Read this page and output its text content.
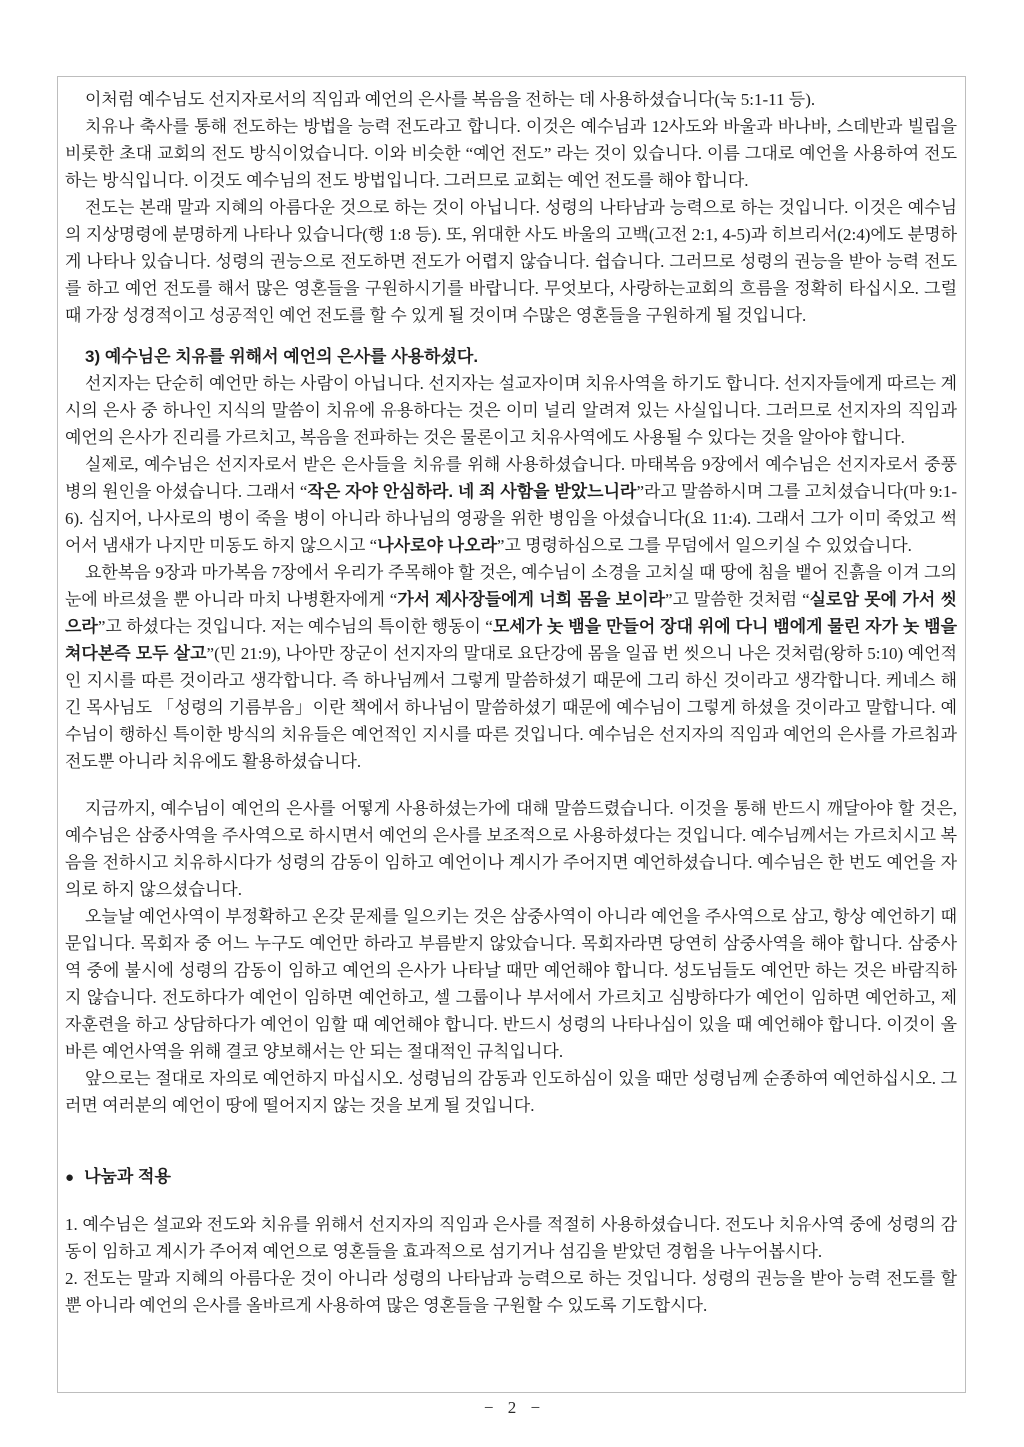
이처럼 예수님도 선지자로서의 직임과 예언의 은사를 복음을 전하는 데 사용하셨습니다(눅 5:1-11 등).

치유나 축사를 통해 전도하는 방법을 능력 전도라고 합니다. 이것은 예수님과 12사도와 바울과 바나바, 스데반과 빌립을 비롯한 초대 교회의 전도 방식이었습니다. 이와 비슷한 “예언 전도” 라는 것이 있습니다. 이름 그대로 예언을 사용하여 전도하는 방식입니다. 이것도 예수님의 전도 방법입니다. 그러므로 교회는 예언 전도를 해야 합니다.

전도는 본래 말과 지혜의 아름다운 것으로 하는 것이 아닙니다. 성령의 나타남과 능력으로 하는 것입니다. 이것은 예수님의 지상명령에 분명하게 나타나 있습니다(행 1:8 등). 또, 위대한 사도 바울의 고백(고전 2:1, 4-5)과 히브리서(2:4)에도 분명하게 나타나 있습니다. 성령의 권능으로 전도하면 전도가 어렵지 않습니다. 쉽습니다. 그러므로 성령의 권능을 받아 능력 전도를 하고 예언 전도를 해서 많은 영혼들을 구원하시기를 바랍니다. 무엇보다, 사랑하는교회의 흐름을 정확히 타십시오. 그럴 때 가장 성경적이고 성공적인 예언 전도를 할 수 있게 될 것이며 수많은 영혼들을 구원하게 될 것입니다.

3) 예수님은 치유를 위해서 예언의 은사를 사용하셨다.

선지자는 단순히 예언만 하는 사람이 아닙니다. 선지자는 설교자이며 치유사역을 하기도 합니다. 선지자들에게 따르는 계시의 은사 중 하나인 지식의 말씀이 치유에 유용하다는 것은 이미 널리 알려져 있는 사실입니다. 그러므로 선지자의 직임과 예언의 은사가 진리를 가르치고, 복음을 전파하는 것은 물론이고 치유사역에도 사용될 수 있다는 것을 알아야 합니다.

실제로, 예수님은 선지자로서 받은 은사들을 치유를 위해 사용하셨습니다. 마태복음 9장에서 예수님은 선지자로서 중풍병의 원인을 아셨습니다. 그래서 “작은 자야 안심하라. 네 죄 사함을 받았느니라”라고 말씀하시며 그를 고치셨습니다(마 9:1-6). 심지어, 나사로의 병이 죽을 병이 아니라 하나님의 영광을 위한 병임을 아셨습니다(요 11:4). 그래서 그가 이미 죽었고 썩어서 냄새가 나지만 미동도 하지 않으시고 “나사로야 나오라”고 명령하심으로 그를 무덤에서 일으키실 수 있었습니다.

요한복음 9장과 마가복음 7장에서 우리가 주목해야 할 것은, 예수님이 소경을 고치실 때 땅에 침을 뱉어 진흙을 이겨 그의 눈에 바르셨을 뿐 아니라 마치 나병환자에게 “가서 제사장들에게 너희 몸을 보이라”고 말씀한 것처럼 “실로암 못에 가서 씻으라”고 하셨다는 것입니다. 저는 예수님의 특이한 행동이 “모세가 놋 뱀을 만들어 장대 위에 다니 뱀에게 물린 자가 놋 뱀을 쳐다본즉 모두 살고”(민 21:9), 나아만 장군이 선지자의 말대로 요단강에 몸을 일곱 번 씻으니 나은 것처럼(왕하 5:10) 예언적인 지시를 따른 것이라고 생각합니다. 즉 하나님께서 그렇게 말씀하셨기 때문에 그리 하신 것이라고 생각합니다. 케네스 해긴 목사님도 「성령의 기름부음」이란 책에서 하나님이 말씀하셨기 때문에 예수님이 그렇게 하셨을 것이라고 말합니다. 예수님이 행하신 특이한 방식의 치유들은 예언적인 지시를 따른 것입니다. 예수님은 선지자의 직임과 예언의 은사를 가르침과 전도뿐 아니라 치유에도 활용하셨습니다.

지금까지, 예수님이 예언의 은사를 어떻게 사용하셨는가에 대해 말씀드렸습니다. 이것을 통해 반드시 깨달아야 할 것은, 예수님은 삼중사역을 주사역으로 하시면서 예언의 은사를 보조적으로 사용하셨다는 것입니다. 예수님께서는 가르치시고 복음을 전하시고 치유하시다가 성령의 감동이 임하고 예언이나 계시가 주어지면 예언하셨습니다. 예수님은 한 번도 예언을 자의로 하지 않으셨습니다.

오늘날 예언사역이 부정확하고 온갖 문제를 일으키는 것은 삼중사역이 아니라 예언을 주사역으로 삼고, 항상 예언하기 때문입니다. 목회자 중 어느 누구도 예언만 하라고 부름받지 않았습니다. 목회자라면 당연히 삼중사역을 해야 합니다. 삼중사역 중에 불시에 성령의 감동이 임하고 예언의 은사가 나타날 때만 예언해야 합니다. 성도님들도 예언만 하는 것은 바람직하지 않습니다. 전도하다가 예언이 임하면 예언하고, 셀 그룹이나 부서에서 가르치고 심방하다가 예언이 임하면 예언하고, 제자훈련을 하고 상담하다가 예언이 임할 때 예언해야 합니다. 반드시 성령의 나타나심이 있을 때 예언해야 합니다. 이것이 올바른 예언사역을 위해 결코 양보해서는 안 되는 절대적인 규칙입니다.

앞으로는 절대로 자의로 예언하지 마십시오. 성령님의 감동과 인도하심이 있을 때만 성령님께 순종하여 예언하십시오. 그러면 여러분의 예언이 땅에 떨어지지 않는 것을 보게 될 것입니다.

● 나눔과 적용

1. 예수님은 설교와 전도와 치유를 위해서 선지자의 직임과 은사를 적절히 사용하셨습니다. 전도나 치유사역 중에 성령의 감동이 임하고 계시가 주어져 예언으로 영혼들을 효과적으로 섬기거나 섬김을 받았던 경험을 나누어봅시다.

2. 전도는 말과 지혜의 아름다운 것이 아니라 성령의 나타남과 능력으로 하는 것입니다. 성령의 권능을 받아 능력 전도를 할 뿐 아니라 예언의 은사를 올바르게 사용하여 많은 영혼들을 구원할 수 있도록 기도합시다.

− 2 −
